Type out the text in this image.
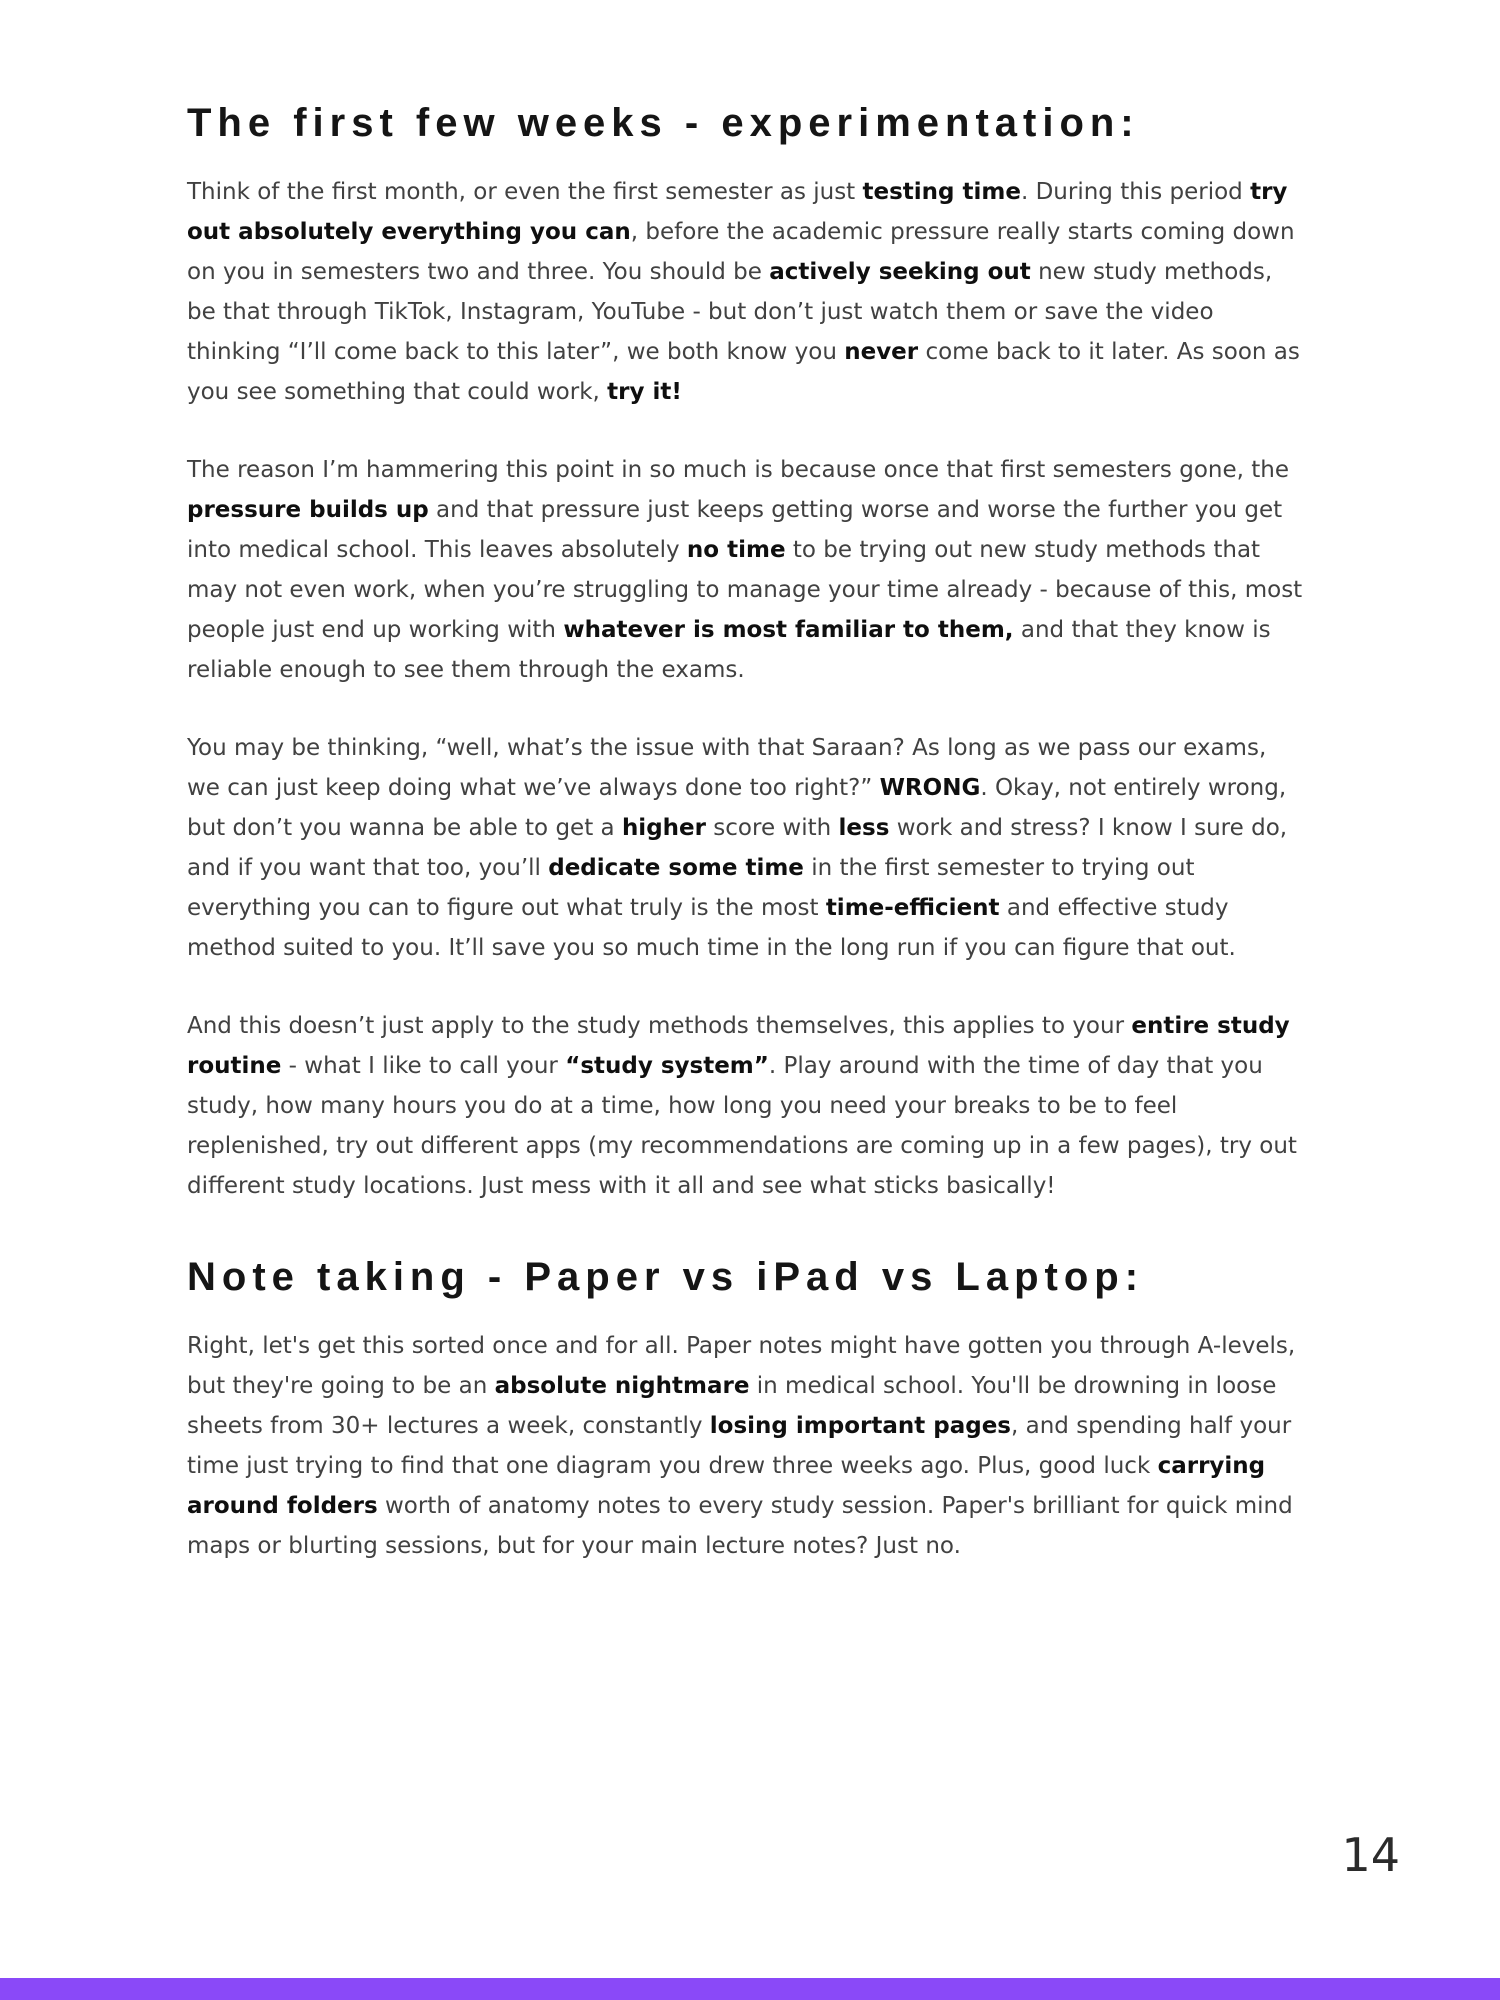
The first few weeks - experimentation:

Think of the first month, or even the first semester as just testing time. During this period try out absolutely everything you can, before the academic pressure really starts coming down on you in semesters two and three. You should be actively seeking out new study methods, be that through TikTok, Instagram, YouTube - but don’t just watch them or save the video thinking “I’ll come back to this later”, we both know you never come back to it later. As soon as you see something that could work, try it!

The reason I’m hammering this point in so much is because once that first semesters gone, the pressure builds up and that pressure just keeps getting worse and worse the further you get into medical school. This leaves absolutely no time to be trying out new study methods that may not even work, when you’re struggling to manage your time already - because of this, most people just end up working with whatever is most familiar to them, and that they know is reliable enough to see them through the exams.

You may be thinking, “well, what’s the issue with that Saraan? As long as we pass our exams, we can just keep doing what we’ve always done too right?” WRONG. Okay, not entirely wrong, but don’t you wanna be able to get a higher score with less work and stress? I know I sure do, and if you want that too, you’ll dedicate some time in the first semester to trying out everything you can to figure out what truly is the most time-efficient and effective study method suited to you. It’ll save you so much time in the long run if you can figure that out.

And this doesn’t just apply to the study methods themselves, this applies to your entire study routine - what I like to call your “study system”. Play around with the time of day that you study, how many hours you do at a time, how long you need your breaks to be to feel replenished, try out different apps (my recommendations are coming up in a few pages), try out different study locations. Just mess with it all and see what sticks basically!

Note taking - Paper vs iPad vs Laptop:

Right, let's get this sorted once and for all. Paper notes might have gotten you through A-levels, but they're going to be an absolute nightmare in medical school. You'll be drowning in loose sheets from 30+ lectures a week, constantly losing important pages, and spending half your time just trying to find that one diagram you drew three weeks ago. Plus, good luck carrying around folders worth of anatomy notes to every study session. Paper's brilliant for quick mind maps or blurting sessions, but for your main lecture notes? Just no.

14
